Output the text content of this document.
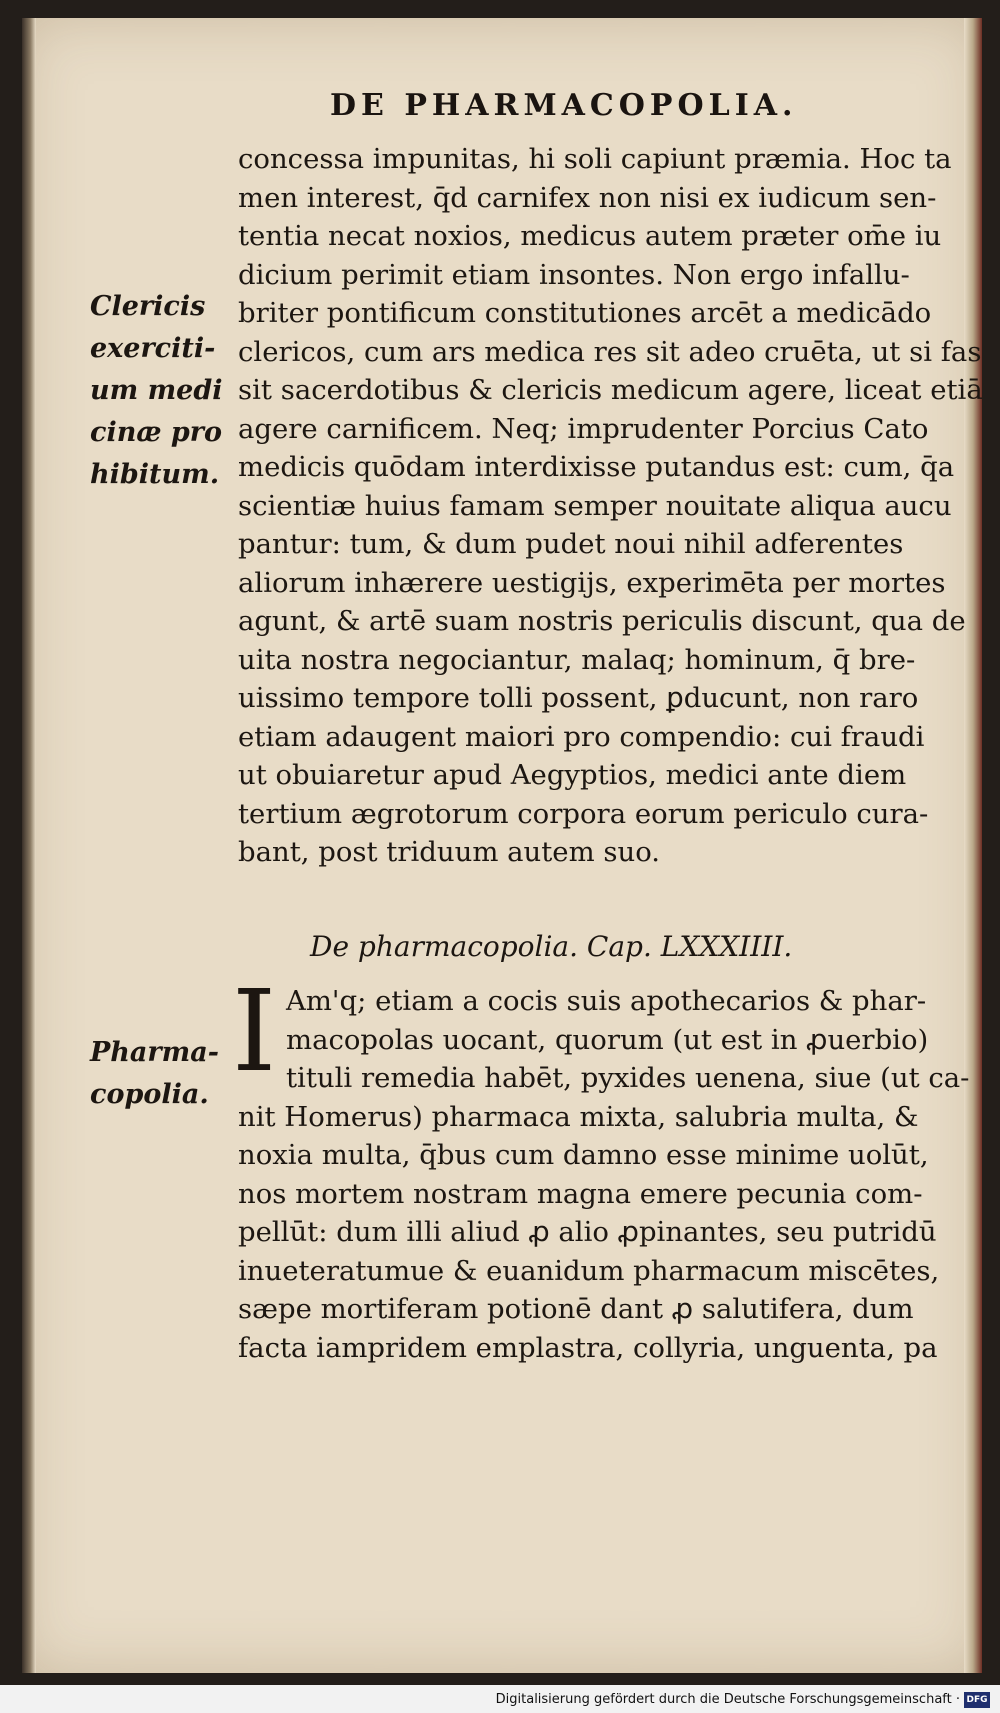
DE PHARMACOPOLIA.
concessa impunitas, hi soli capiunt præmia. Hoc ta
men interest, q̄d carnifex non nisi ex iudicum sen-
tentia necat noxios, medicus autem præter om̄e iu
dicium perimit etiam insontes. Non ergo infallu-
briter pontificum constitutiones arcēt a medicādo
clericos, cum ars medica res sit adeo cruēta, ut si fas
sit sacerdotibus & clericis medicum agere, liceat etiā
agere carnificem. Neq; imprudenter Porcius Cato
medicis quōdam interdixisse putandus est: cum, q̄a
scientiæ huius famam semper nouitate aliqua aucu
pantur: tum, & dum pudet noui nihil adferentes
aliorum inhærere uestigijs, experimēta per mortes
agunt, & artē suam nostris periculis discunt, qua de
uita nostra negociantur, malaq; hominum, q̄ bre-
uissimo tempore tolli possent, ꝑducunt, non raro
etiam adaugent maiori pro compendio: cui fraudi
ut obuiaretur apud Aegyptios, medici ante diem
tertium ægrotorum corpora eorum periculo cura-
bant, post triduum autem suo.
Clericis
exerciti-
um medi
cinæ pro
hibitum.
De pharmacopolia. Cap. LXXXIIII.
I Am'q; etiam a cocis suis apothecarios & phar-
macopolas uocant, quorum (ut est in ꝓuerbio)
tituli remedia habēt, pyxides uenena, siue (ut ca-
nit Homerus) pharmaca mixta, salubria multa, &
noxia multa, q̄bus cum damno esse minime uolūt,
nos mortem nostram magna emere pecunia com-
pellūt: dum illi aliud ꝓ alio ꝓpinantes, seu putridū
inueteratumue & euanidum pharmacum miscētes,
sæpe mortiferam potionē dant ꝓ salutifera, dum
facta iampridem emplastra, collyria, unguenta, pa
Pharma-
copolia.
Digitalisierung gefördert durch die Deutsche Forschungsgemeinschaft · DFG
